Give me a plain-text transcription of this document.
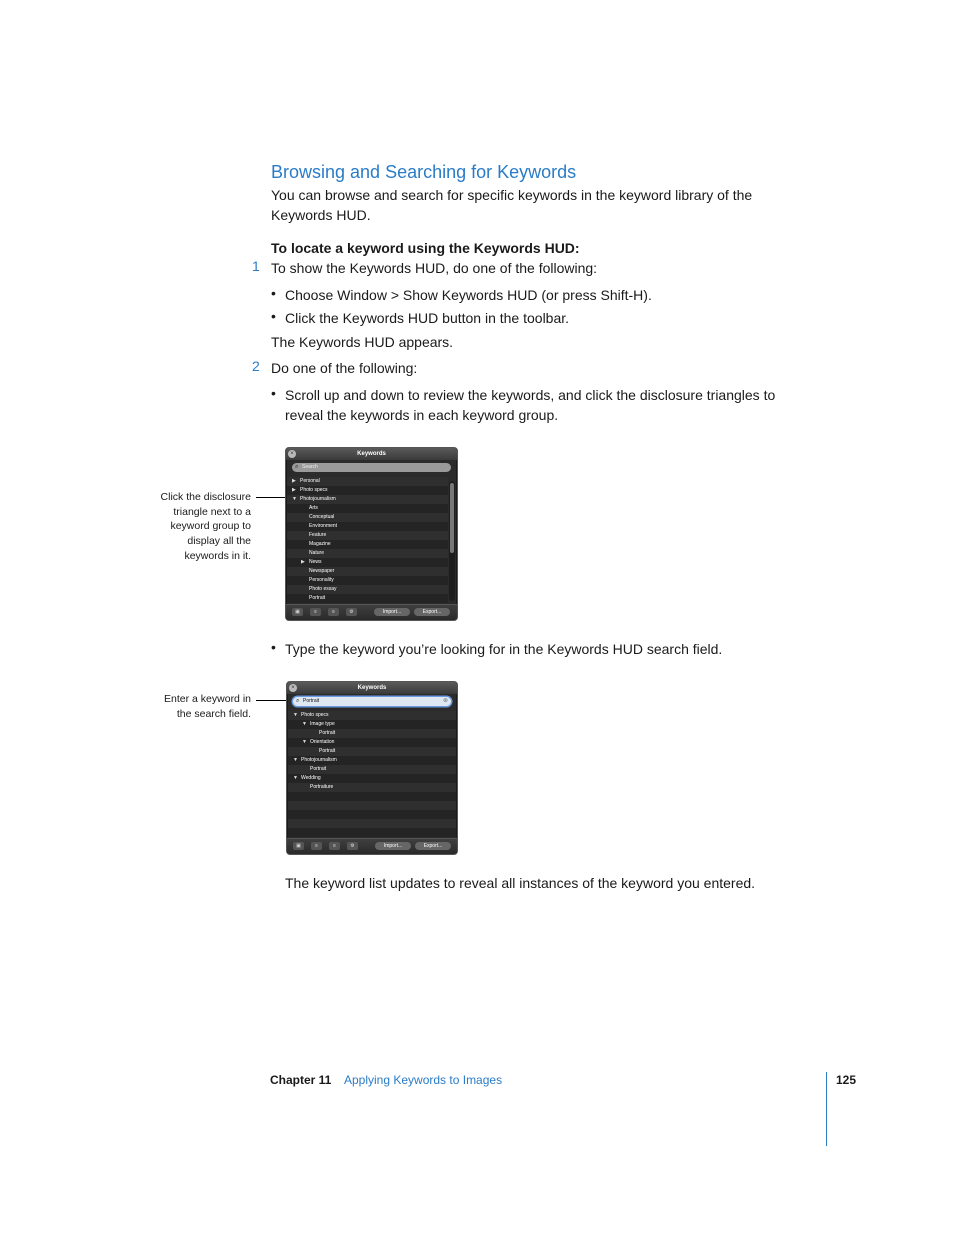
Browsing and Searching for Keywords
You can browse and search for specific keywords in the keyword library of the
Keywords HUD.
To locate a keyword using the Keywords HUD:
1 To show the Keywords HUD, do one of the following:
• Choose Window > Show Keywords HUD (or press Shift-H).
• Click the Keywords HUD button in the toolbar.
The Keywords HUD appears.
2 Do one of the following:
• Scroll up and down to review the keywords, and click the disclosure triangles to
reveal the keywords in each keyword group.
Click the disclosure
triangle next to a
keyword group to
display all the
keywords in it.
Keywords
×
⌕ Search
▶ Personal
▶ Photo specs
▼ Photojournalism
Arts
Conceptual
Environment
Feature
Magazine
Nature
▶ News
Newspaper
Personality
Photo essay
Portrait
▣	≡	≡	⚙	Import...	Export...
• Type the keyword you’re looking for in the Keywords HUD search field.
Enter a keyword in
the search field.
Keywords
×
⌕ Portrait	⊗
▼ Photo specs
▼ Image type
Portrait
▼ Orientation
Portrait
▼ Photojournalism
Portrait
▼ Wedding
Portraiture
▣	≡	≡	⚙	Import...	Export...
The keyword list updates to reveal all instances of the keyword you entered.
Chapter 11 Applying Keywords to Images	125
